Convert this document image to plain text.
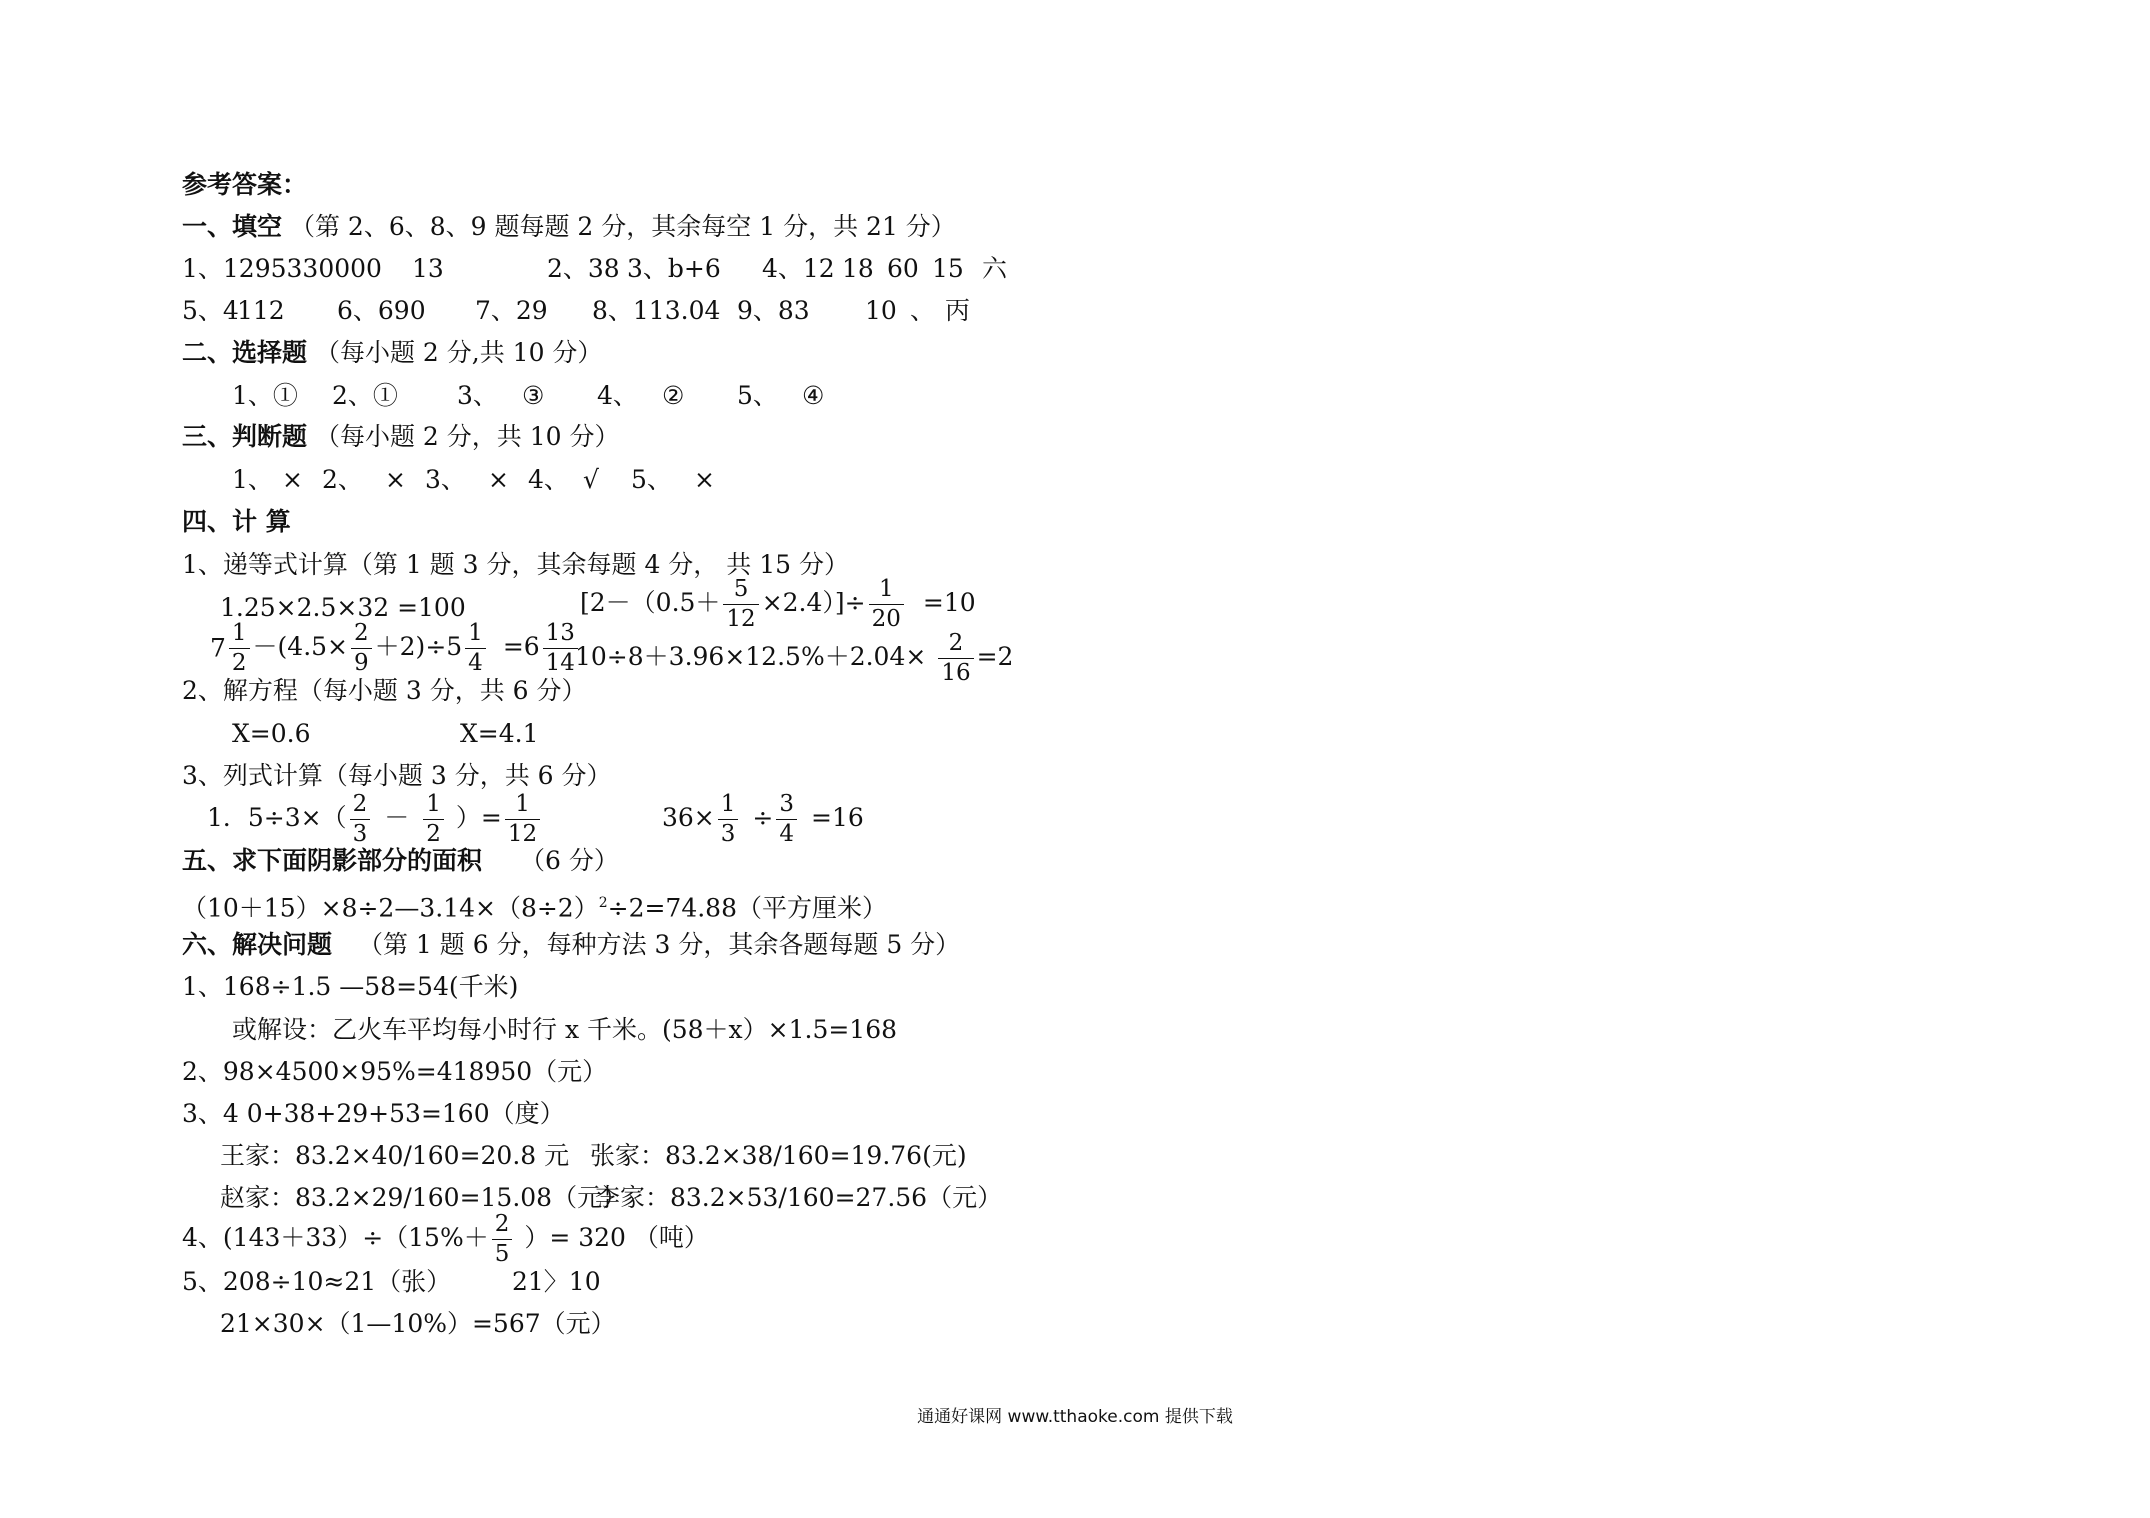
参考答案：
一、填空 （第 2、6、8、9 题每题 2 分，其余每空 1 分，共 21 分）
1、1295330000 13	2、38 3、b+6 4、12 18 60 15 六
5、4112 6、690 7、29 8、113.04 9、83 10 、 丙
二、选择题 （每小题 2 分,共 10 分）
1、① 2、① 3、 ③ 4、 ② 5、 ④
三、判断题 （每小题 2 分，共 10 分）
1、 × 2、 × 3、 × 4、 √ 5、 ×
四、计 算
1、递等式计算（第 1 题 3 分，其余每题 4 分， 共 15 分）
1.25×2.5×32 =100	$[2-(0.5+ \frac{5}{12} \times 2.4)]\div \frac{1}{20} =10$
$7 \frac{1}{2} -(4.5\times \frac{2}{9} +2)\div 5 \frac{1}{4} =6 \frac{13}{14}$
$10\div 8+3.96\times 12.5\%+2.04\times \frac{2}{16} =2$
2、解方程（每小题 3 分，共 6 分）
X=0.6	X=4.1
3、列式计算（每小题 3 分，共 6 分）
1．$5\div 3\times( \frac{2}{3} - \frac{1}{2}$ ）= $\frac{1}{12}$	$36\times \frac{1}{3} \div \frac{3}{4} =16$
五、求下面阴影部分的面积 （6 分）
$(10+15)\times 8\div 2—3.14\times(8\div 2)^2\div 2=74.88$（平方厘米）
六、解决问题 （第 1 题 6 分，每种方法 3 分，其余各题每题 5 分）
1、168÷1.5 —58=54(千米)
或解设：乙火车平均每小时行 x 千米。(58＋x）×1.5=168
2、98×4500×95%=418950（元）
3、4 0+38+29+53=160（度）
王家：83.2×40/160=20.8 元 张家：83.2×38/160=19.76(元)
赵家：83.2×29/160=15.08（元）李家：83.2×53/160=27.56（元）
4、$(143+33)\div(15\%+ \frac{2}{5}$ ）= 320 （吨）
5、208÷10≈21（张） 21〉10
21×30×（1—10%）=567（元）
通通好课网 www.tthaoke.com 提供下载
